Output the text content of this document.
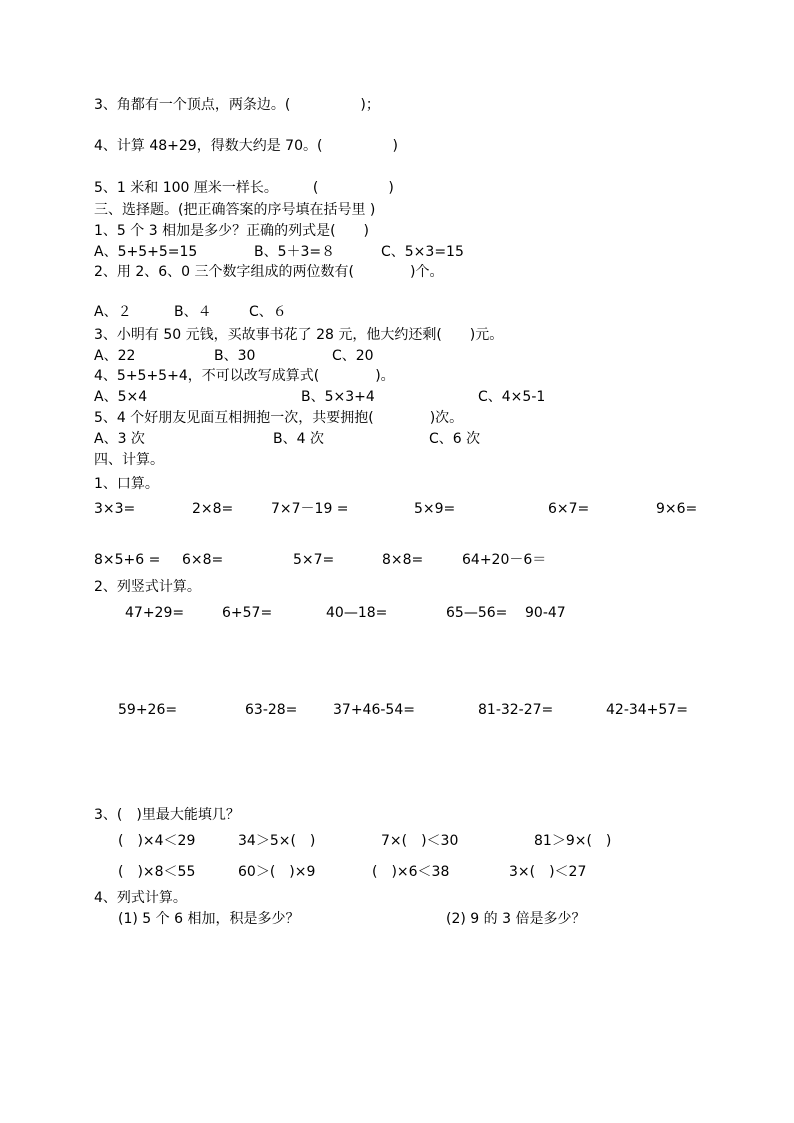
3、角都有一个顶点，两条边。(　　　　　)；
4、计算 48+29，得数大约是 70。(　　　　　)
5、1 米和 100 厘米一样长。　　　(　　　　　)
三、选择题。(把正确答案的序号填在括号里 )
1、5 个 3 相加是多少？正确的列式是(　　)
A、5+5+5=15	B、5＋3=８	C、5×3=15
2、用 2、6、0 三个数字组成的两位数有(　　　　)个。
A、２	B、４	C、６
3、小明有 50 元钱，买故事书花了 28 元，他大约还剩(　　)元。
A、22	B、30	C、20
4、5+5+5+4，不可以改写成算式(　　　　)。
A、5×4	B、5×3+4	C、4×5-1
5、4 个好朋友见面互相拥抱一次，共要拥抱(　　　　)次。
A、3 次	B、4 次	C、6 次
四、计算。
1、口算。
3×3=	2×8=	7×7－19 =	5×9=	6×7=	9×6=
8×5+6 = 6×8=	5×7=	8×8=	64+20－6＝
2、列竖式计算。
47+29=	6+57=	40—18=	65—56= 90-47
59+26=	63-28=	37+46-54=	81-32-27=	42-34+57=
3、(　)里最大能填几？
(　)×4＜29	34＞5×(　)	7×(　)＜30	81＞9×(　)
(　)×8＜55	60＞(　)×9	(　)×6＜38	3×(　)＜27
4、列式计算。
(1) 5 个 6 相加，积是多少？	(2) 9 的 3 倍是多少？
